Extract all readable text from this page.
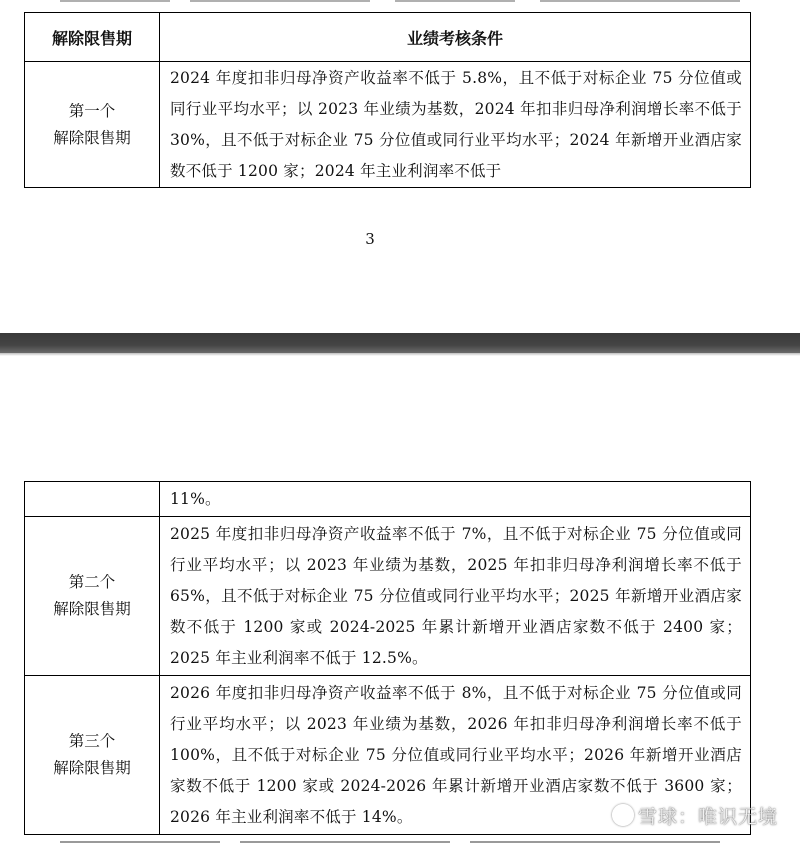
解除限售期	业绩考核条件

第一个
解除限售期	2024 年度扣非归母净资产收益率不低于 5.8%，且不低于对标企业 75 分位值或同行业平均水平；以 2023 年业绩为基数，2024 年扣非归母净利润增长率不低于 30%，且不低于对标企业 75 分位值或同行业平均水平；2024 年新增开业酒店家数不低于 1200 家；2024 年主业利润率不低于
3
	11%。

第二个
解除限售期	2025 年度扣非归母净资产收益率不低于 7%，且不低于对标企业 75 分位值或同行业平均水平；以 2023 年业绩为基数，2025 年扣非归母净利润增长率不低于 65%，且不低于对标企业 75 分位值或同行业平均水平；2025 年新增开业酒店家数不低于 1200 家或 2024-2025 年累计新增开业酒店家数不低于 2400 家；2025 年主业利润率不低于 12.5%。

第三个
解除限售期	2026 年度扣非归母净资产收益率不低于 8%，且不低于对标企业 75 分位值或同行业平均水平；以 2023 年业绩为基数，2026 年扣非归母净利润增长率不低于 100%，且不低于对标企业 75 分位值或同行业平均水平；2026 年新增开业酒店家数不低于 1200 家或 2024-2026 年累计新增开业酒店家数不低于 3600 家；2026 年主业利润率不低于 14%。	雪球：唯识无境
